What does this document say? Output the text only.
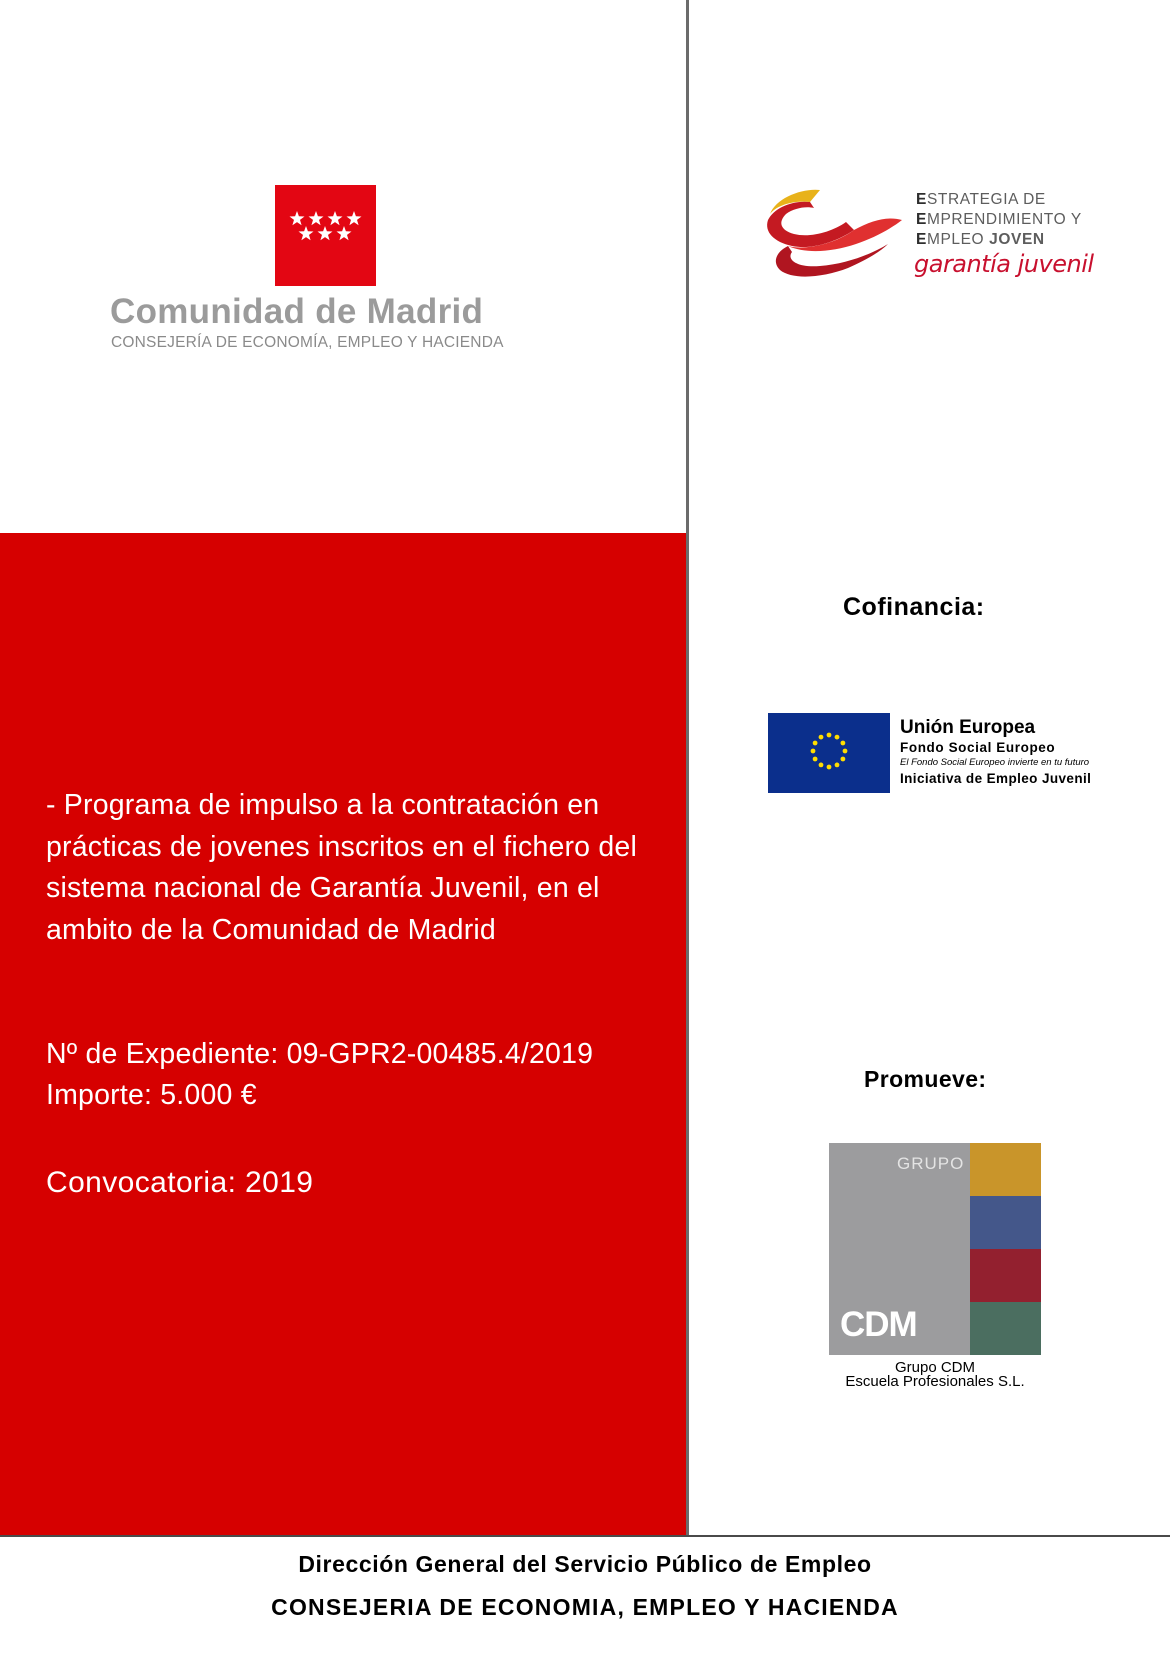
Comunidad de Madrid
CONSEJERÍA DE ECONOMÍA, EMPLEO Y HACIENDA
ESTRATEGIA DE
EMPRENDIMIENTO Y
EMPLEO JOVEN
garantía juvenil
- Programa de impulso a la contratación en prácticas de jovenes inscritos en el fichero del sistema nacional de Garantía Juvenil, en el ambito de la Comunidad de Madrid
Nº de Expediente: 09-GPR2-00485.4/2019
Importe: 5.000 €
Convocatoria: 2019
Cofinancia:
Unión Europea
Fondo Social Europeo
El Fondo Social Europeo invierte en tu futuro
Iniciativa de Empleo Juvenil
Promueve:
GRUPO
CDM
Grupo CDM
Escuela Profesionales S.L.
Dirección General del Servicio Público de Empleo
CONSEJERIA DE ECONOMIA, EMPLEO Y HACIENDA
